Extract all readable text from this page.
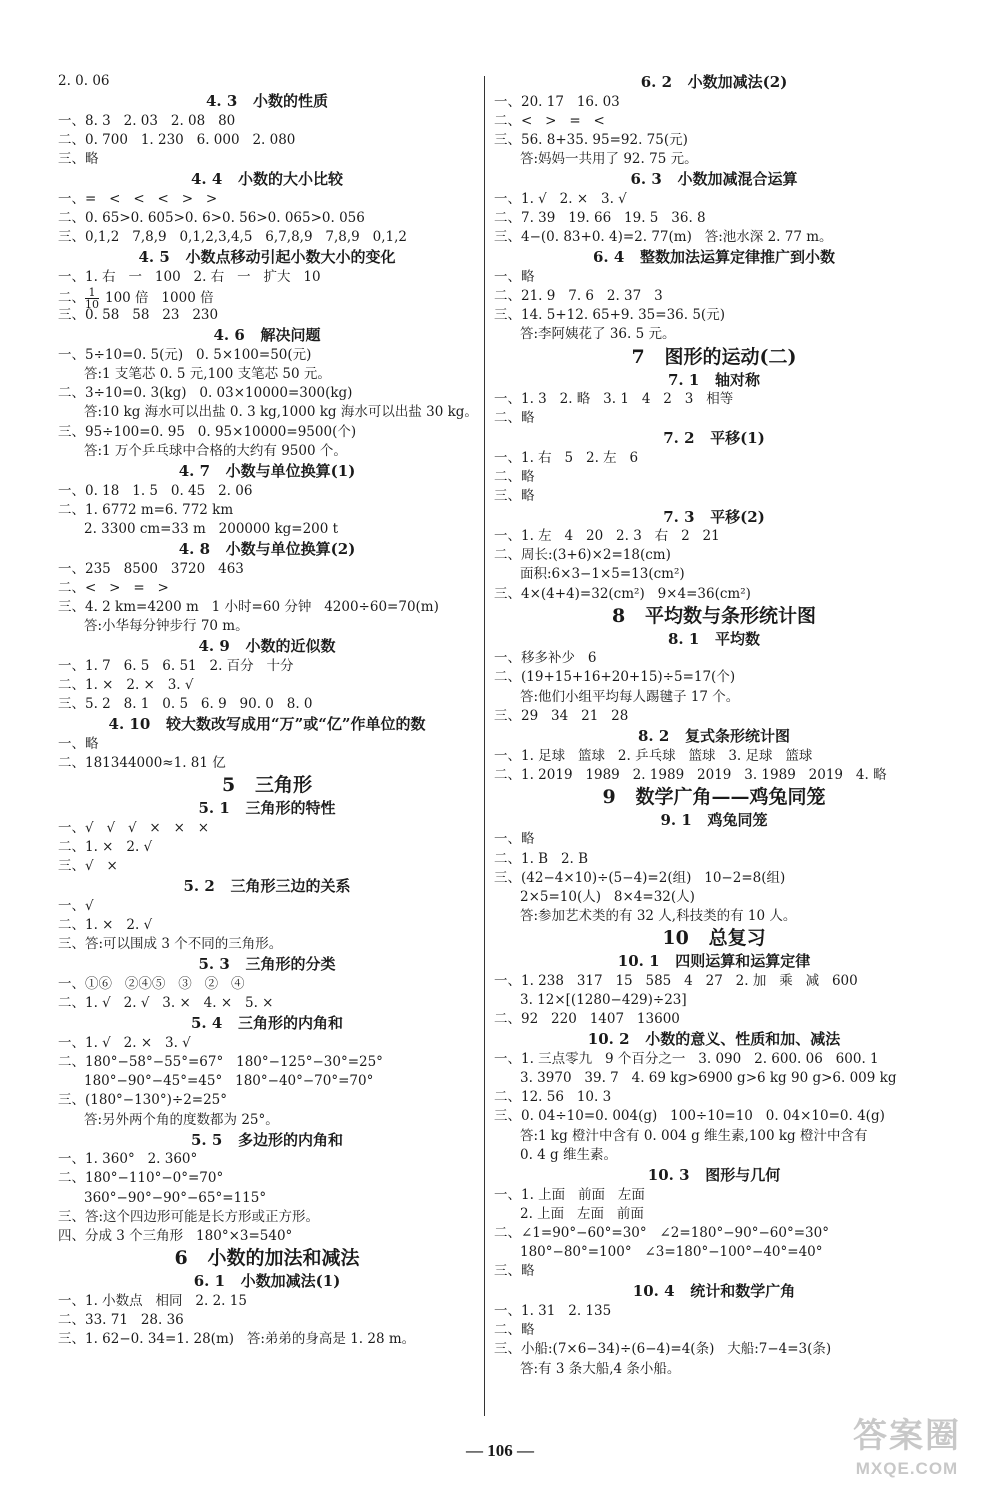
2. 0. 06
4. 3   小数的性质
一、8. 3   2. 03   2. 08   80
二、0. 700   1. 230   6. 000   2. 080
三、略
4. 4   小数的大小比较
一、=   <   <   <   >   >
二、0. 65>0. 605>0. 6>0. 56>0. 065>0. 056
三、0,1,2   7,8,9   0,1,2,3,4,5   6,7,8,9   7,8,9   0,1,2
4. 5   小数点移动引起小数大小的变化
一、1. 右   一   100   2. 右   一   扩大   10
二、 $\frac{1}{10} 100$ 倍   1000 倍
三、0. 58   58   23   230
4. 6   解决问题
一、5÷10=0. 5(元)   0. 5×100=50(元)
答:1 支笔芯 0. 5 元,100 支笔芯 50 元。
二、3÷10=0. 3(kg)   0. 03×10000=300(kg)
答:10 kg 海水可以出盐 0. 3 kg,1000 kg 海水可以出盐 30 kg。
三、95÷100=0. 95   0. 95×10000=9500(个)
答:1 万个乒乓球中合格的大约有 9500 个。
4. 7   小数与单位换算(1)
一、0. 18   1. 5   0. 45   2. 06
二、1. 6772 m=6. 772 km
2. 3300 cm=33 m   200000 kg=200 t
4. 8   小数与单位换算(2)
一、235   8500   3720   463
二、<   >   =   >
三、4. 2 km=4200 m   1 小时=60 分钟   4200÷60=70(m)
答:小华每分钟步行 70 m。
4. 9   小数的近似数
一、1. 7   6. 5   6. 51   2. 百分   十分
二、1. ×   2. ×   3. √
三、5. 2   8. 1   0. 5   6. 9   90. 0   8. 0
4. 10   较大数改写成用“万”或“亿”作单位的数
一、略
二、181344000≈1. 81 亿
5   三角形
5. 1   三角形的特性
一、√   √   √   ×   ×   ×
二、1. ×   2. √
三、√   ×
5. 2   三角形三边的关系
一、√
二、1. ×   2. √
三、答:可以围成 3 个不同的三角形。
5. 3   三角形的分类
一、①⑥   ②④⑤   ③   ②   ④
二、1. √   2. √   3. ×   4. ×   5. ×
5. 4   三角形的内角和
一、1. √   2. ×   3. √
二、180°−58°−55°=67°   180°−125°−30°=25°
180°−90°−45°=45°   180°−40°−70°=70°
三、(180°−130°)÷2=25°
答:另外两个角的度数都为 25°。
5. 5   多边形的内角和
一、1. 360°   2. 360°
二、180°−110°−0°=70°
360°−90°−90°−65°=115°
三、答:这个四边形可能是长方形或正方形。
四、分成 3 个三角形   180°×3=540°
6   小数的加法和减法
6. 1   小数加减法(1)
一、1. 小数点   相同   2. 2. 15
二、33. 71   28. 36
三、1. 62−0. 34=1. 28(m)   答:弟弟的身高是 1. 28 m。
6. 2   小数加减法(2)
一、20. 17   16. 03
二、<   >   =   <
三、56. 8+35. 95=92. 75(元)
答:妈妈一共用了 92. 75 元。
6. 3   小数加减混合运算
一、1. √   2. ×   3. √
二、7. 39   19. 66   19. 5   36. 8
三、4−(0. 83+0. 4)=2. 77(m)   答:池水深 2. 77 m。
6. 4   整数加法运算定律推广到小数
一、略
二、21. 9   7. 6   2. 37   3
三、14. 5+12. 65+9. 35=36. 5(元)
答:李阿姨花了 36. 5 元。
7   图形的运动(二)
7. 1   轴对称
一、1. 3   2. 略   3. 1   4   2   3   相等
二、略
7. 2   平移(1)
一、1. 右   5   2. 左   6
二、略
三、略
7. 3   平移(2)
一、1. 左   4   20   2. 3   右   2   21
二、周长:(3+6)×2=18(cm)
面积:6×3−1×5=13(cm²)
三、4×(4+4)=32(cm²)   9×4=36(cm²)
8   平均数与条形统计图
8. 1   平均数
一、移多补少   6
二、(19+15+16+20+15)÷5=17(个)
答:他们小组平均每人踢毽子 17 个。
三、29   34   21   28
8. 2   复式条形统计图
一、1. 足球   篮球   2. 乒乓球   篮球   3. 足球   篮球
二、1. 2019   1989   2. 1989   2019   3. 1989   2019   4. 略
9   数学广角——鸡兔同笼
9. 1   鸡兔同笼
一、略
二、1. B   2. B
三、(42−4×10)÷(5−4)=2(组)   10−2=8(组)
2×5=10(人)   8×4=32(人)
答:参加艺术类的有 32 人,科技类的有 10 人。
10   总复习
10. 1   四则运算和运算定律
一、1. 238   317   15   585   4   27   2. 加   乘   减   600
3. 12×[(1280−429)÷23]
二、92   220   1407   13600
10. 2   小数的意义、性质和加、减法
一、1. 三点零九   9 个百分之一   3. 090   2. 600. 06   600. 1
3. 3970   39. 7   4. 69 kg>6900 g>6 kg 90 g>6. 009 kg
二、12. 56   10. 3
三、0. 04÷10=0. 004(g)   100÷10=10   0. 04×10=0. 4(g)
答:1 kg 橙汁中含有 0. 004 g 维生素,100 kg 橙汁中含有
0. 4 g 维生素。
10. 3   图形与几何
一、1. 上面   前面   左面
2. 上面   左面   前面
二、∠1=90°−60°=30°   ∠2=180°−90°−60°=30°
180°−80°=100°   ∠3=180°−100°−40°=40°
三、略
10. 4   统计和数学广角
一、1. 31   2. 135
二、略
三、小船:(7×6−34)÷(6−4)=4(条)   大船:7−4=3(条)
答:有 3 条大船,4 条小船。
— 106 —	答案圈
MXQE.COM
